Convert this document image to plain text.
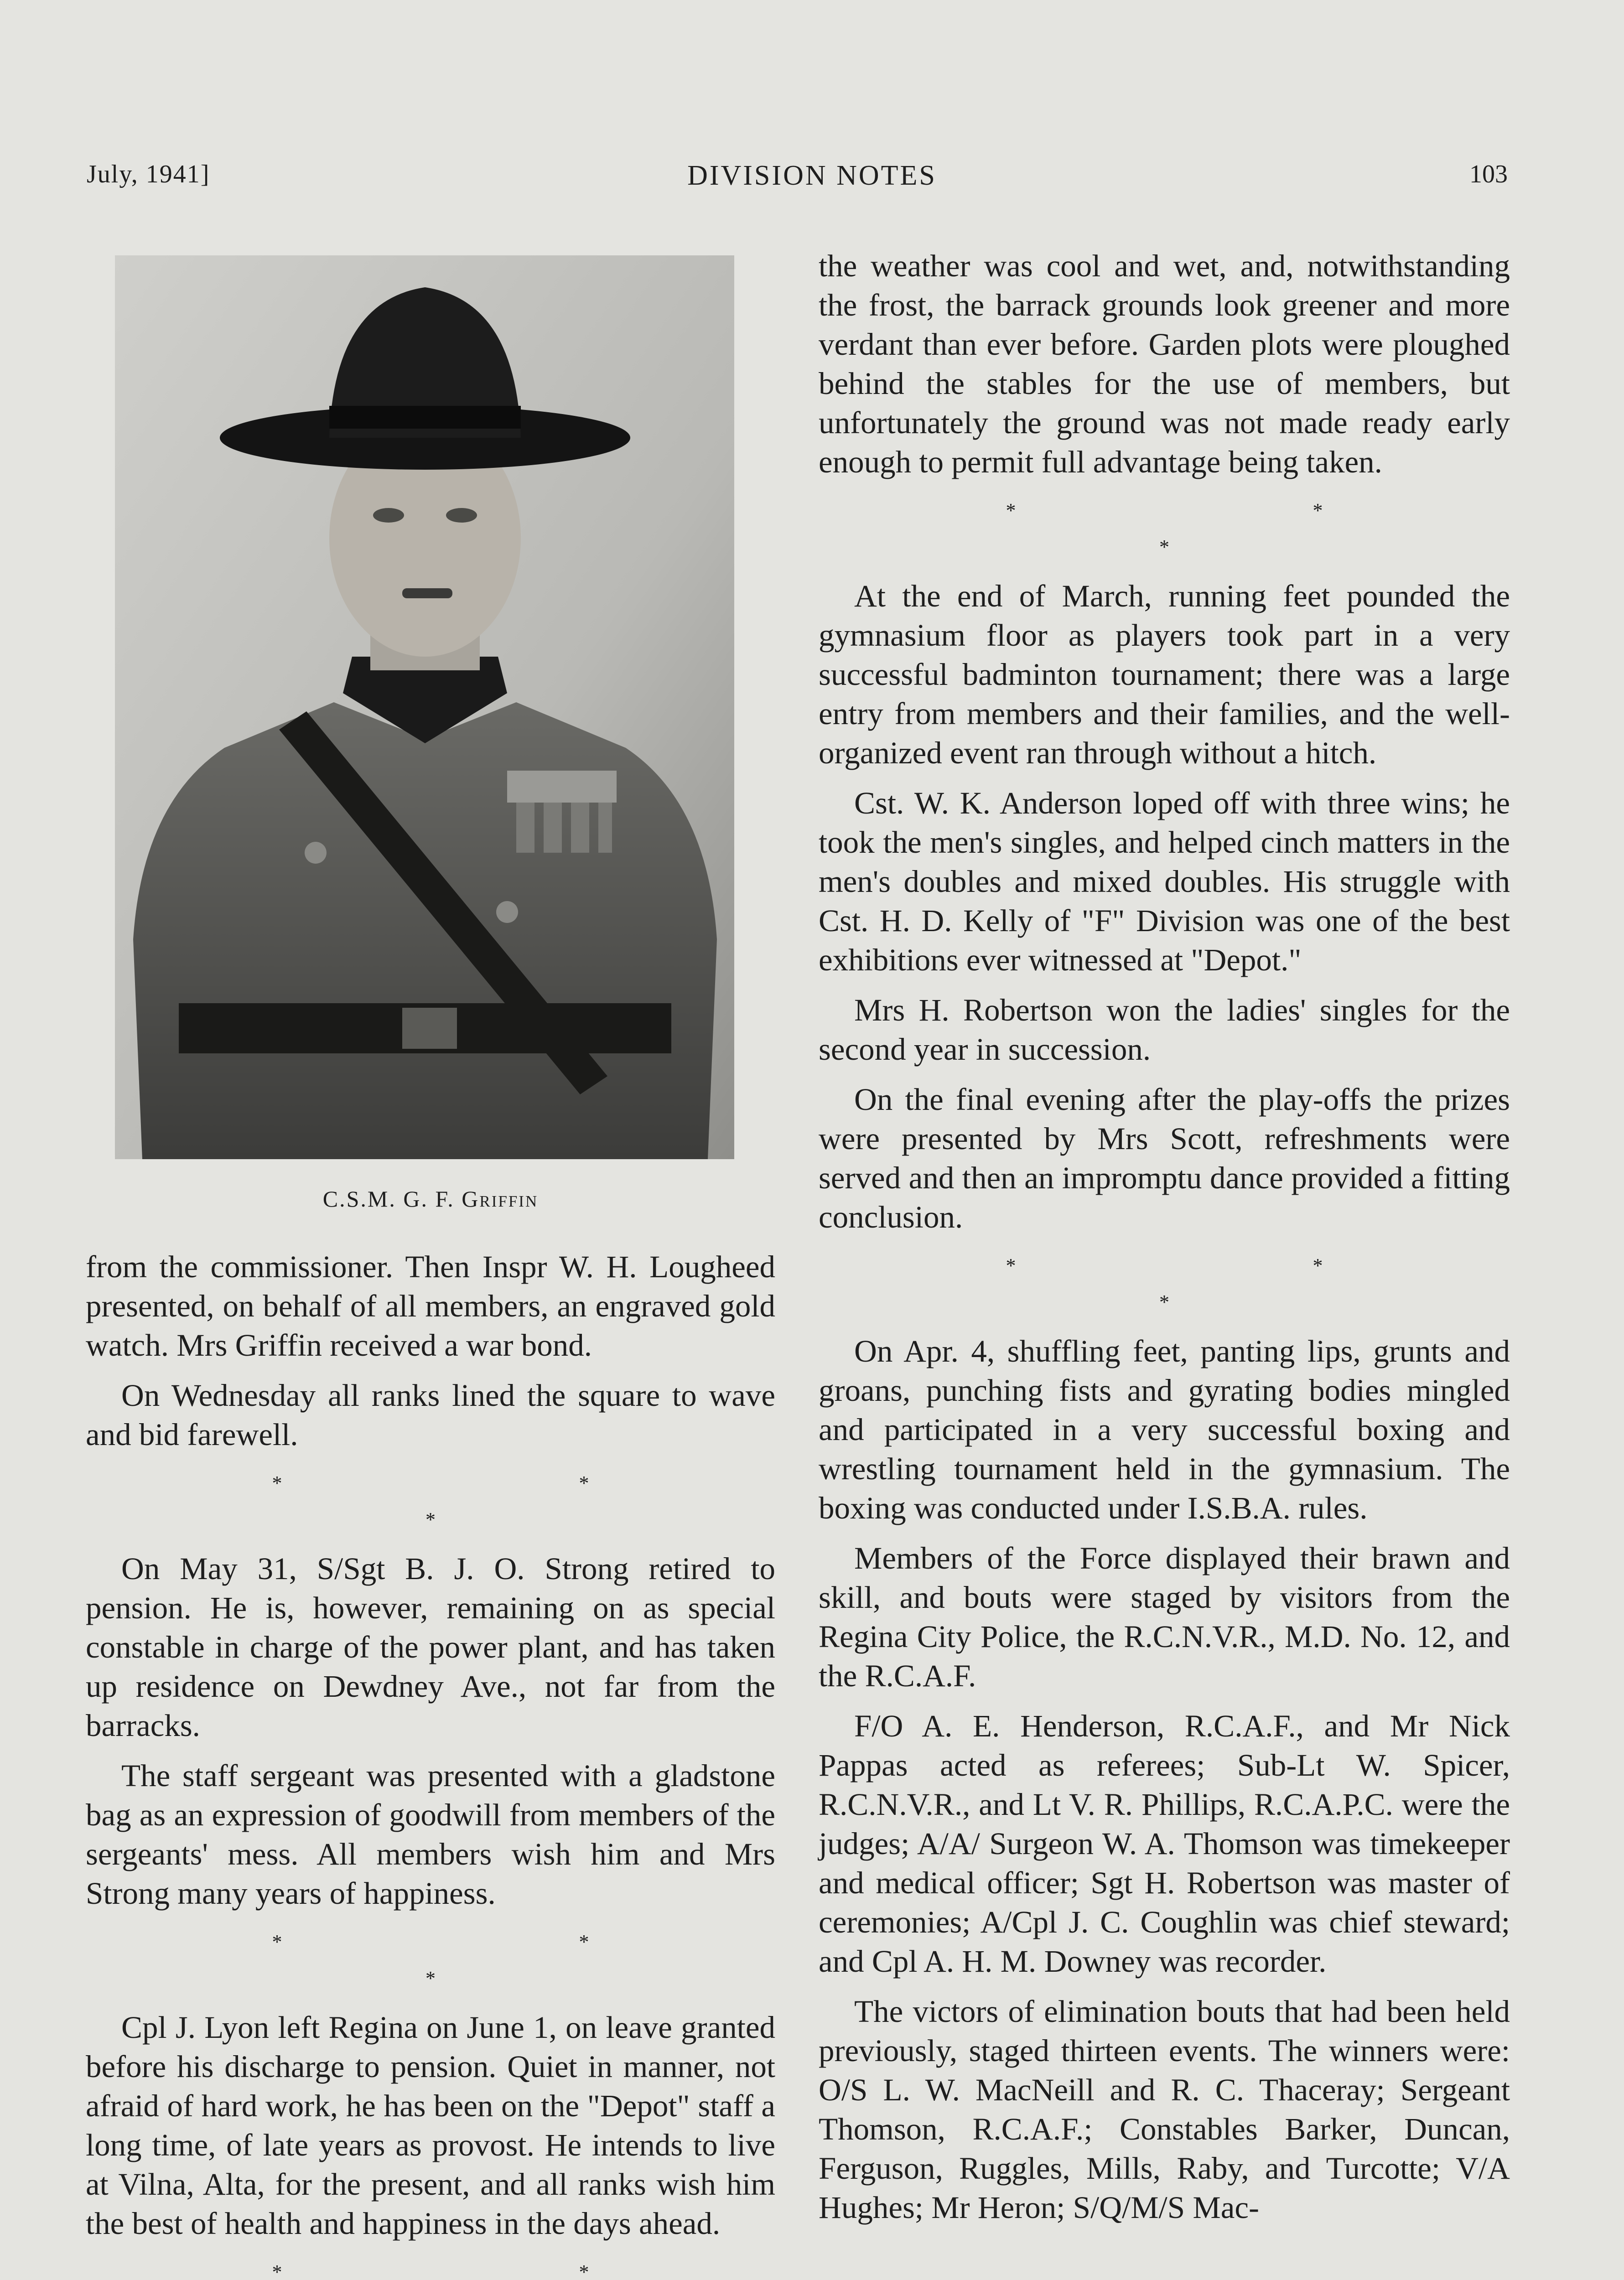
July, 1941]	DIVISION NOTES	103
C.S.M. G. F. Griffin

from the commissioner. Then Inspr W. H. Lougheed presented, on behalf of all members, an engraved gold watch. Mrs Griffin received a war bond.

On Wednesday all ranks lined the square to wave and bid farewell.

* * *

On May 31, S/Sgt B. J. O. Strong retired to pension. He is, however, remaining on as special constable in charge of the power plant, and has taken up residence on Dewdney Ave., not far from the barracks.

The staff sergeant was presented with a gladstone bag as an expression of goodwill from members of the sergeants' mess. All members wish him and Mrs Strong many years of happiness.

* * *

Cpl J. Lyon left Regina on June 1, on leave granted before his discharge to pension. Quiet in manner, not afraid of hard work, he has been on the "Depot" staff a long time, of late years as provost. He intends to live at Vilna, Alta, for the present, and all ranks wish him the best of health and happiness in the days ahead.

* *

the weather was cool and wet, and, notwithstanding the frost, the barrack grounds look greener and more verdant than ever before. Garden plots were ploughed behind the stables for the use of members, but unfortunately the ground was not made ready early enough to permit full advantage being taken.

* * *

At the end of March, running feet pounded the gymnasium floor as players took part in a very successful badminton tournament; there was a large entry from members and their families, and the well-organized event ran through without a hitch.

Cst. W. K. Anderson loped off with three wins; he took the men's singles, and helped cinch matters in the men's doubles and mixed doubles. His struggle with Cst. H. D. Kelly of "F" Division was one of the best exhibitions ever witnessed at "Depot."

Mrs H. Robertson won the ladies' singles for the second year in succession.

On the final evening after the play-offs the prizes were presented by Mrs Scott, refreshments were served and then an impromptu dance provided a fitting conclusion.

* * *

On Apr. 4, shuffling feet, panting lips, grunts and groans, punching fists and gyrating bodies mingled and participated in a very successful boxing and wrestling tournament held in the gymnasium. The boxing was conducted under I.S.B.A. rules.

Members of the Force displayed their brawn and skill, and bouts were staged by visitors from the Regina City Police, the R.C.N.V.R., M.D. No. 12, and the R.C.A.F.

F/O A. E. Henderson, R.C.A.F., and Mr Nick Pappas acted as referees; Sub-Lt W. Spicer, R.C.N.V.R., and Lt V. R. Phillips, R.C.A.P.C. were the judges; A/A/ Surgeon W. A. Thomson was timekeeper and medical officer; Sgt H. Robertson was master of ceremonies; A/Cpl J. C. Coughlin was chief steward; and Cpl A. H. M. Downey was recorder.

The victors of elimination bouts that had been held previously, staged thirteen events. The winners were: O/S L. W. MacNeill and R. C. Thaceray; Sergeant Thomson, R.C.A.F.; Constables Barker, Duncan, Ferguson, Ruggles, Mills, Raby, and Turcotte; V/A Hughes; Mr Heron; S/Q/M/S Mac-
